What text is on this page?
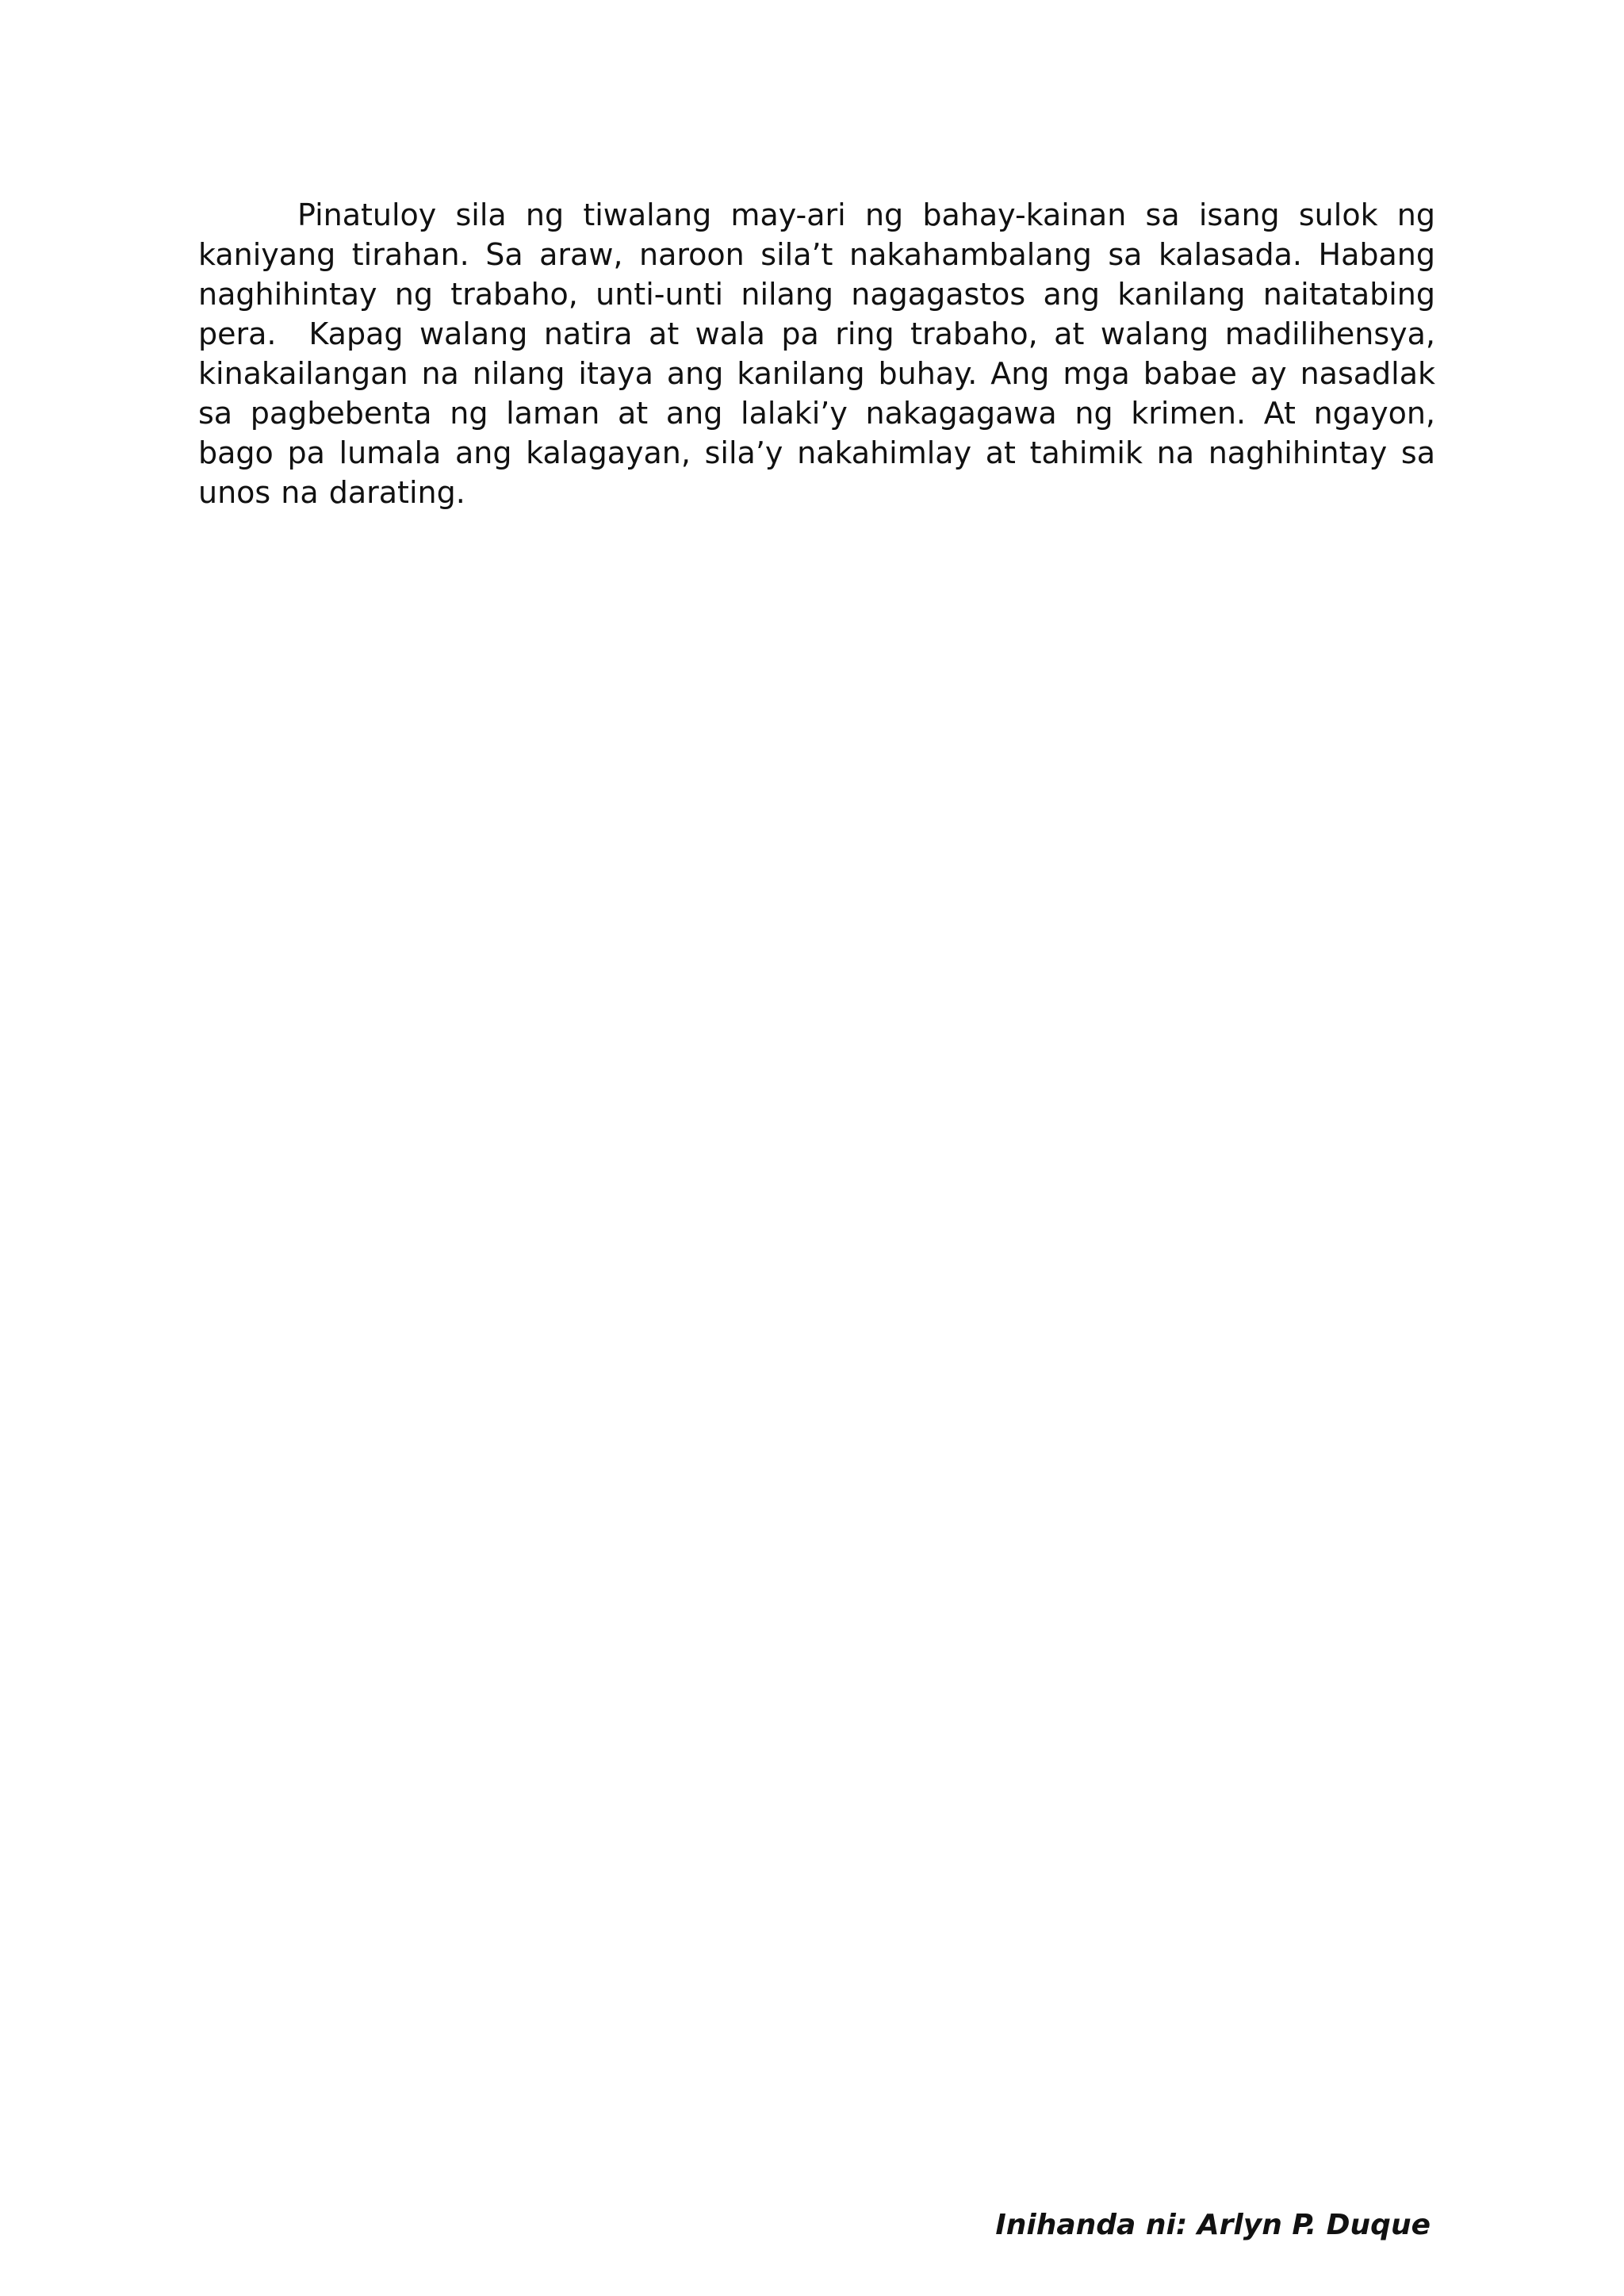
Pinatuloy sila ng tiwalang may-ari ng bahay-kainan sa isang sulok ng kaniyang tirahan. Sa araw, naroon sila’t nakahambalang sa kalasada. Habang naghihintay ng trabaho, unti-unti nilang nagagastos ang kanilang naitatabing pera.  Kapag walang natira at wala pa ring trabaho, at walang madilihensya, kinakailangan na nilang itaya ang kanilang buhay. Ang mga babae ay nasadlak sa pagbebenta ng laman at ang lalaki’y nakagagawa ng krimen. At ngayon, bago pa lumala ang kalagayan, sila’y nakahimlay at tahimik na naghihintay sa unos na darating.

Inihanda ni: Arlyn P. Duque
